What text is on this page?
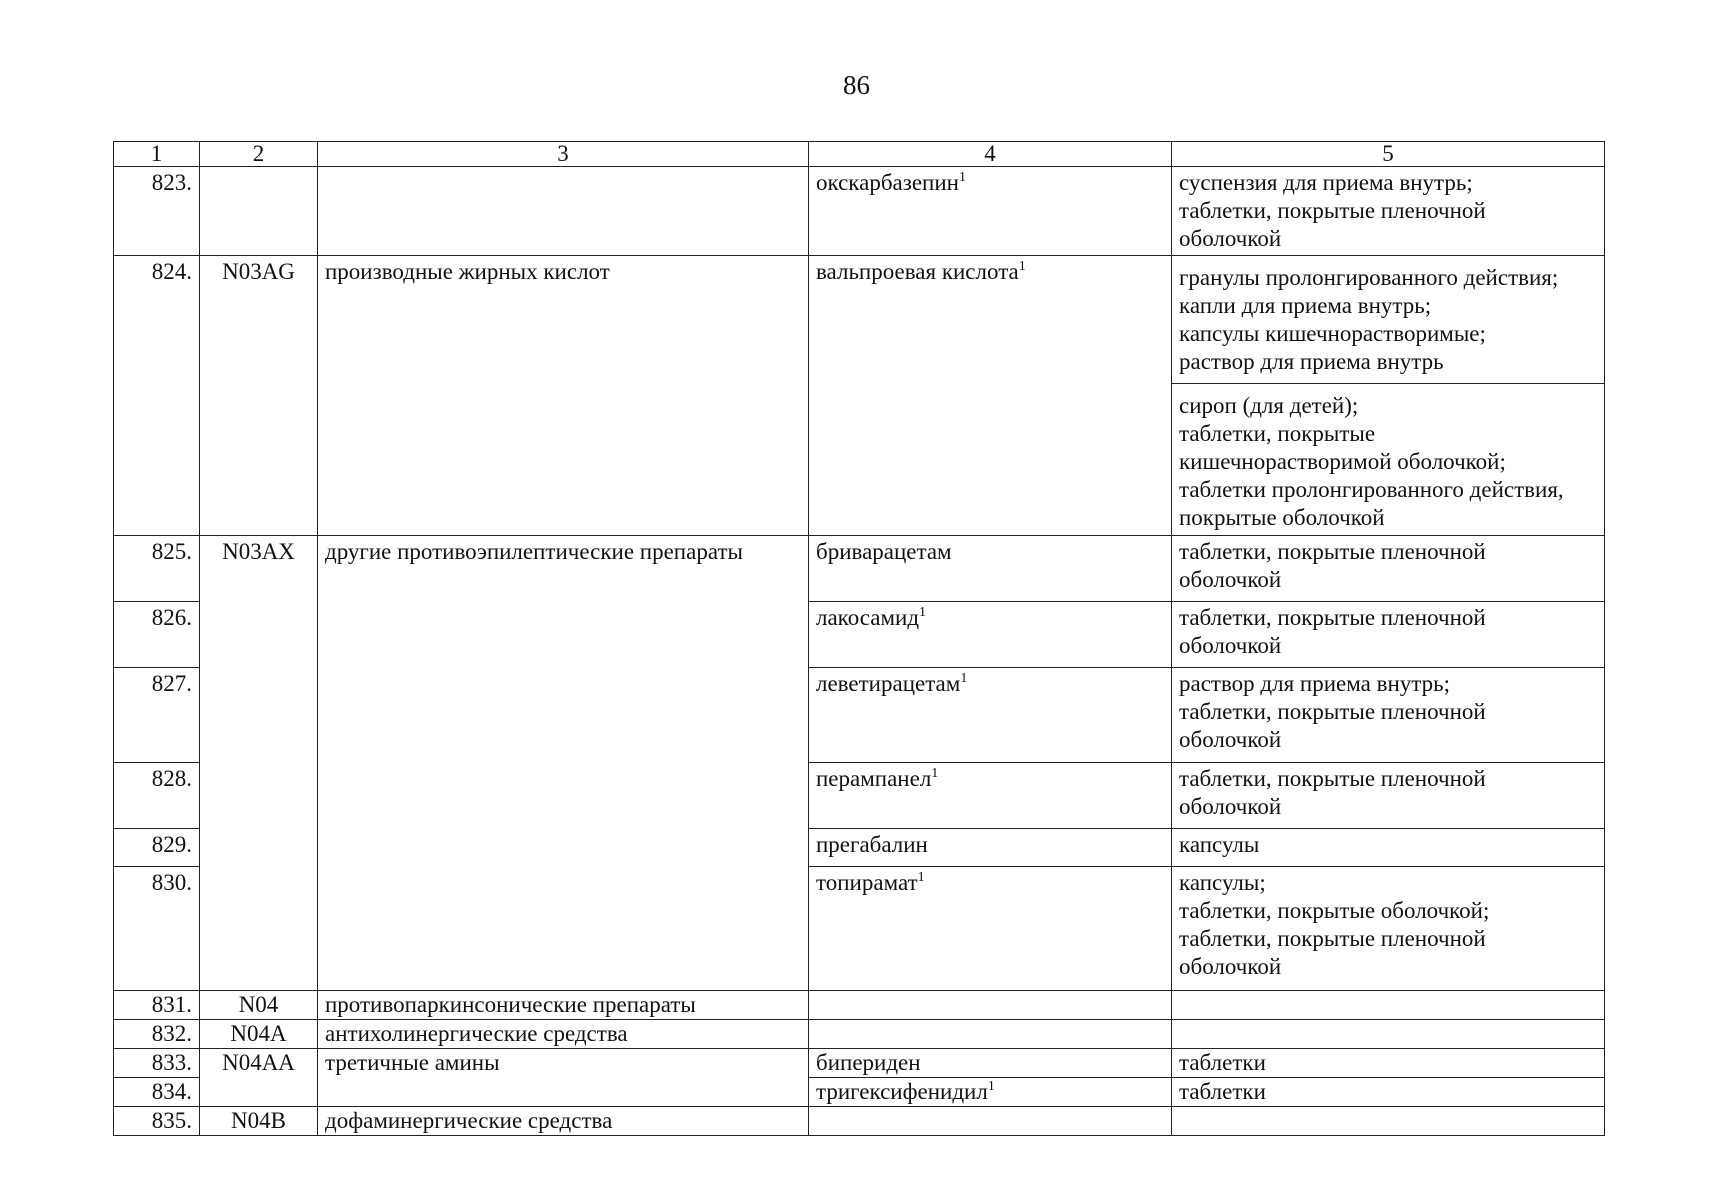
86
1	2	3	4	5
823.			окскарбазепин$^1$	суспензия для приема внутрь;
таблетки, покрытые пленочной
оболочкой

824.	N03AG	производные жирных кислот	вальпроевая кислота$^1$	гранулы пролонгированного действия;
капли для приема внутрь;
капсулы кишечнорастворимые;
раствор для приема внутрь

				сироп (для детей);
таблетки, покрытые
кишечнорастворимой оболочкой;
таблетки пролонгированного действия,
покрытые оболочкой

825.	N03AX	другие противоэпилептические препараты	бриварацетам	таблетки, покрытые пленочной
оболочкой

826.			лакосамид$^1$	таблетки, покрытые пленочной
оболочкой

827.			леветирацетам$^1$	раствор для приема внутрь;
таблетки, покрытые пленочной
оболочкой

828.			перампанел$^1$	таблетки, покрытые пленочной
оболочкой

829.			прегабалин	капсулы

830.			топирамат$^1$	капсулы;
таблетки, покрытые оболочкой;
таблетки, покрытые пленочной
оболочкой

831.	N04	противопаркинсонические препараты		
832.	N04A	антихолинергические средства		
833.	N04AA	третичные амины	бипериден	таблетки

834.			тригексифенидил$^1$	таблетки

835.	N04B	дофаминергические средства		
